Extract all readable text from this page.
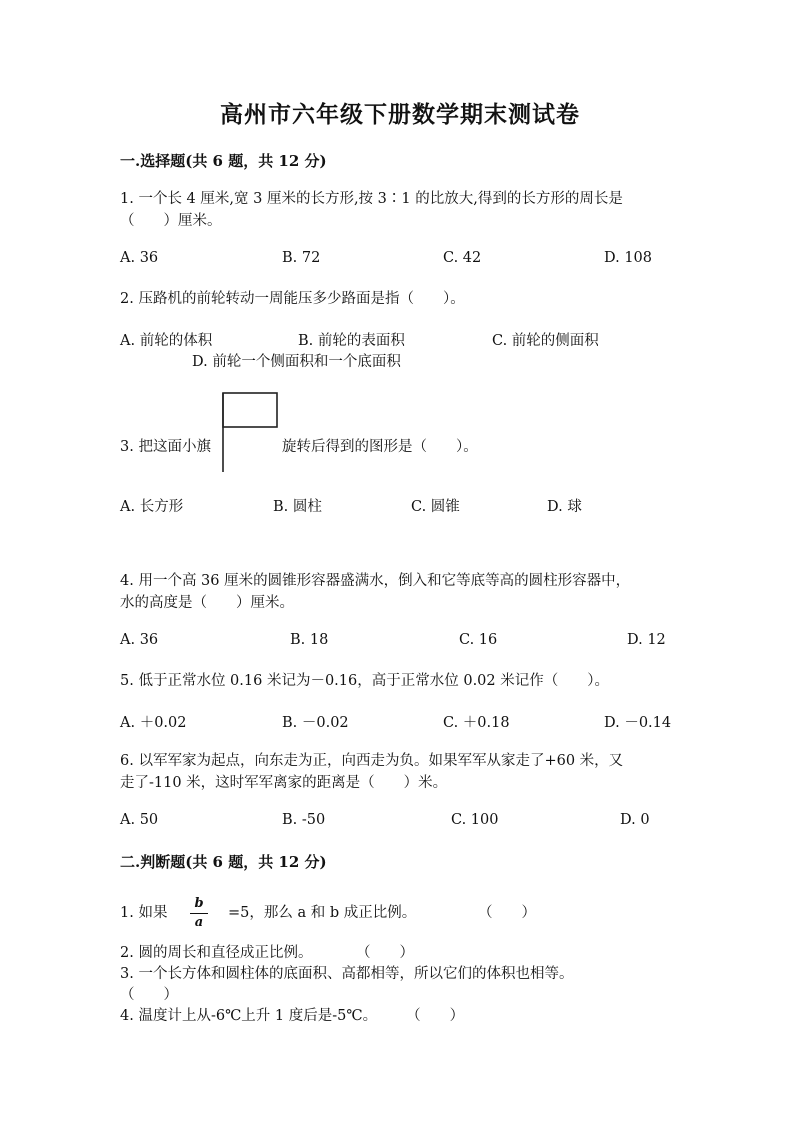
高州市六年级下册数学期末测试卷
一.选择题(共 6 题，共 12 分)
1. 一个长 4 厘米,宽 3 厘米的长方形,按 3∶1 的比放大,得到的长方形的周长是
（　　）厘米。
A. 36	B. 72	C. 42	D. 108
2. 压路机的前轮转动一周能压多少路面是指（　　）。
A. 前轮的体积	B. 前轮的表面积	C. 前轮的侧面积
D. 前轮一个侧面积和一个底面积
3. 把这面小旗	旋转后得到的图形是（　　）。
A. 长方形	B. 圆柱	C. 圆锥	D. 球
4. 用一个高 36 厘米的圆锥形容器盛满水，倒入和它等底等高的圆柱形容器中，
水的高度是（　　）厘米。
A. 36	B. 18	C. 16	D. 12
5. 低于正常水位 0.16 米记为－0.16，高于正常水位 0.02 米记作（　　）。
A. ＋0.02	B. －0.02	C. ＋0.18	D. －0.14
6. 以军军家为起点，向东走为正，向西走为负。如果军军从家走了+60 米，又
走了-110 米，这时军军离家的距离是（　　）米。
A. 50	B. -50	C. 100	D. 0
二.判断题(共 6 题，共 12 分)
1. 如果
b
a
=5，那么 a 和 b 成正比例。	（　　）
2. 圆的周长和直径成正比例。　　　　（　　）
3. 一个长方体和圆柱体的底面积、高都相等，所以它们的体积也相等。
（　　）
4. 温度计上从-6℃上升 1 度后是-5℃。　　　（　　）
